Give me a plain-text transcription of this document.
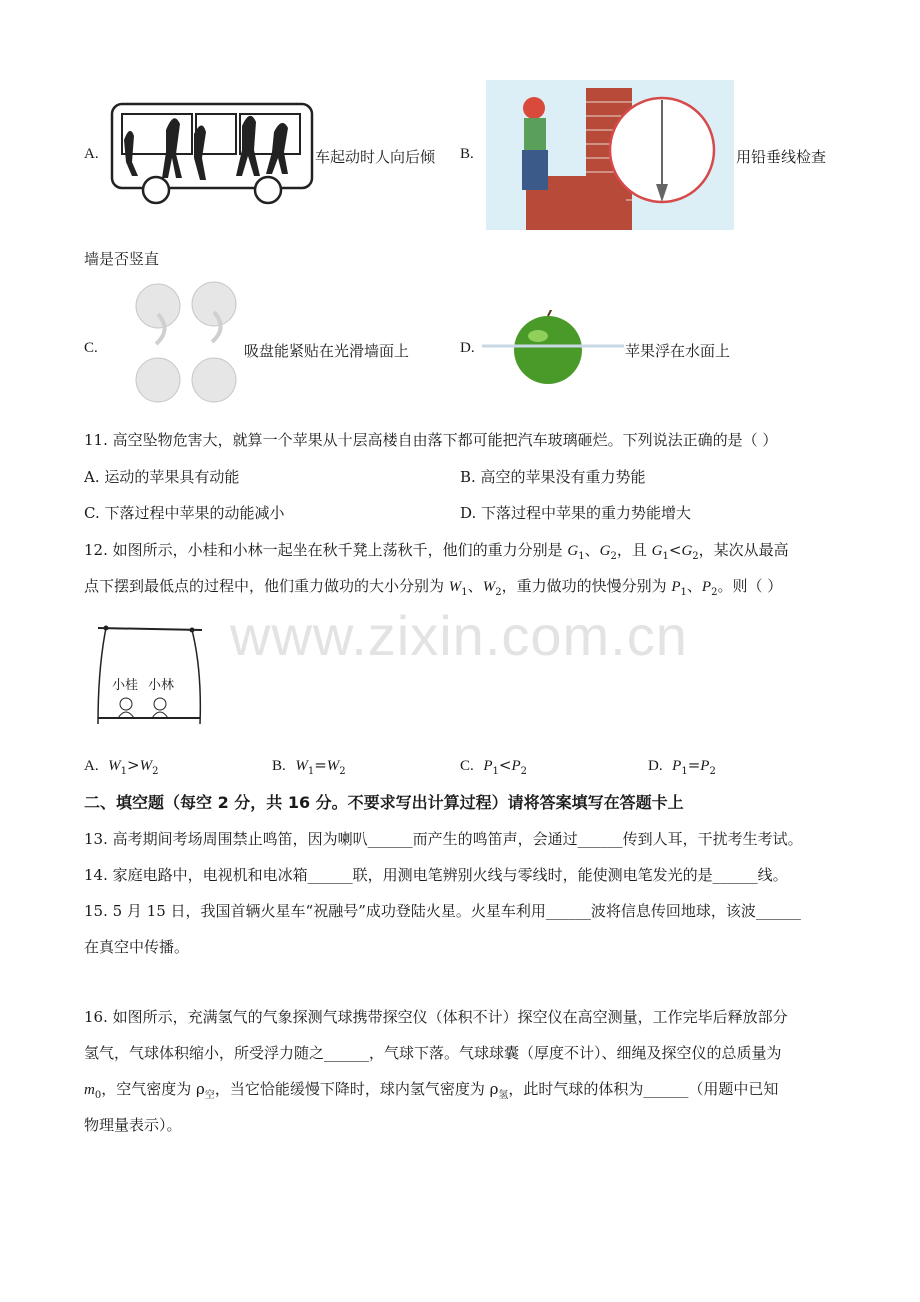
www.zixin.com.cn
A.	车起动时人向后倾 B.	用铅垂线检查
墙是否竖直
C.	吸盘能紧贴在光滑墙面上	D.	苹果浮在水面上
11. 高空坠物危害大，就算一个苹果从十层高楼自由落下都可能把汽车玻璃砸烂。下列说法正确的是（ ）
A. 运动的苹果具有动能	B. 高空的苹果没有重力势能
C. 下落过程中苹果的动能减小	D. 下落过程中苹果的重力势能增大
12. 如图所示，小桂和小林一起坐在秋千凳上荡秋千，他们的重力分别是 $G_1$、$G_2$，且 $G_1<G_2$，某次从最高
点下摆到最低点的过程中，他们重力做功的大小分别为 $W_1$、$W_2$，重力做功的快慢分别为 $P_1$、$P_2$。则（ ）
小桂 小林
A. $W_1>W_2$	B. $W_1=W_2$	C. $P_1<P_2$	D. $P_1=P_2$
二、填空题（每空 2 分，共 16 分。不要求写出计算过程）请将答案填写在答题卡上
13. 高考期间考场周围禁止鸣笛，因为喇叭______而产生的鸣笛声，会通过______传到人耳，干扰考生考试。
14. 家庭电路中，电视机和电冰箱______联，用测电笔辨别火线与零线时，能使测电笔发光的是______线。
15. 5 月 15 日，我国首辆火星车“祝融号”成功登陆火星。火星车利用______波将信息传回地球，该波______
在真空中传播。
16. 如图所示，充满氢气的气象探测气球携带探空仪（体积不计）探空仪在高空测量，工作完毕后释放部分
氢气，气球体积缩小，所受浮力随之______，气球下落。气球球囊（厚度不计）、细绳及探空仪的总质量为
$m_0$，空气密度为 $\rho_空$，当它恰能缓慢下降时，球内氢气密度为 $\rho_氢$，此时气球的体积为______（用题中已知
物理量表示）。
